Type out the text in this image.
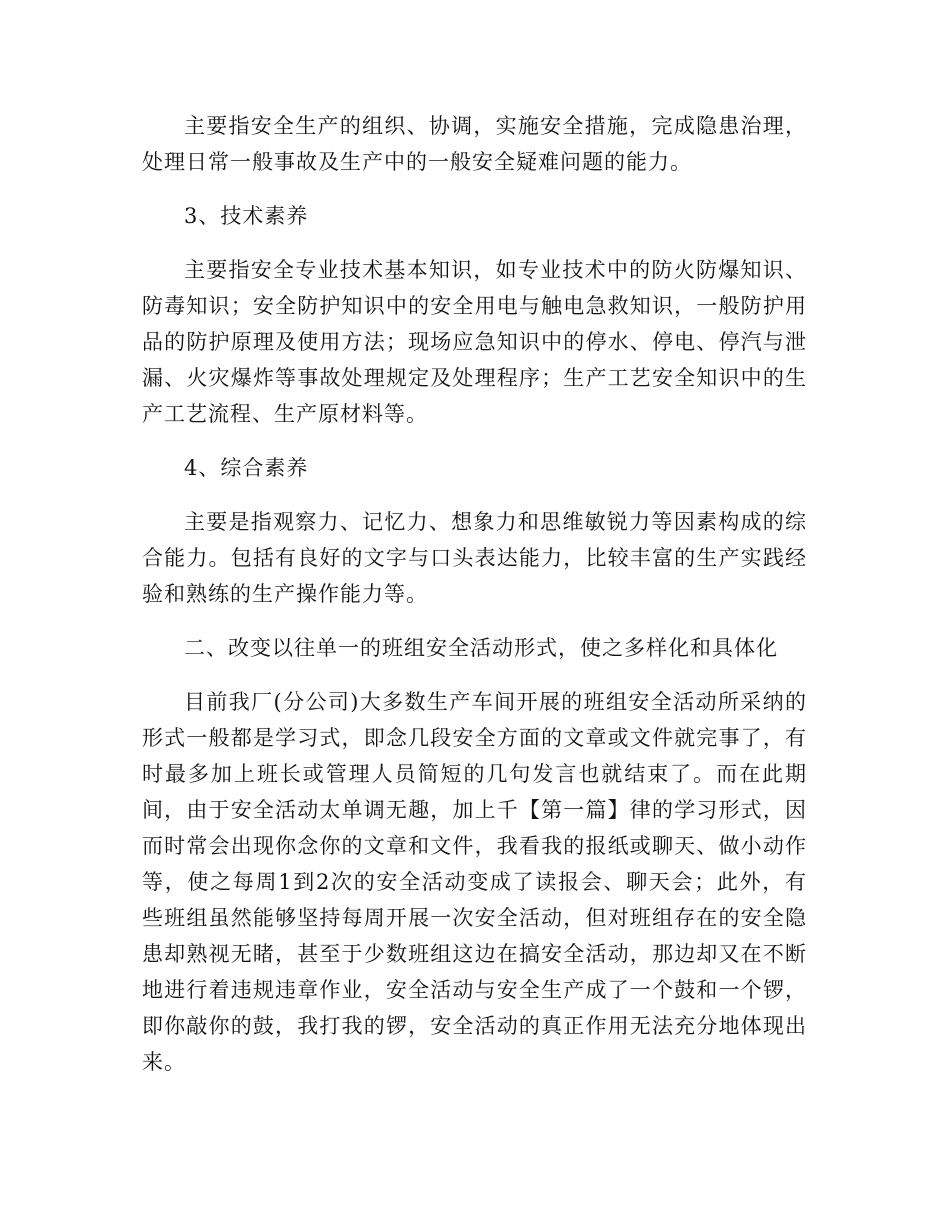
主要指安全生产的组织、协调，实施安全措施，完成隐患治理，处理日常一般事故及生产中的一般安全疑难问题的能力。

3、技术素养

主要指安全专业技术基本知识，如专业技术中的防火防爆知识、防毒知识；安全防护知识中的安全用电与触电急救知识，一般防护用品的防护原理及使用方法；现场应急知识中的停水、停电、停汽与泄漏、火灾爆炸等事故处理规定及处理程序；生产工艺安全知识中的生产工艺流程、生产原材料等。

4、综合素养

主要是指观察力、记忆力、想象力和思维敏锐力等因素构成的综合能力。包括有良好的文字与口头表达能力，比较丰富的生产实践经验和熟练的生产操作能力等。

二、改变以往单一的班组安全活动形式，使之多样化和具体化

目前我厂(分公司)大多数生产车间开展的班组安全活动所采纳的形式一般都是学习式，即念几段安全方面的文章或文件就完事了，有时最多加上班长或管理人员简短的几句发言也就结束了。而在此期间，由于安全活动太单调无趣，加上千【第一篇】律的学习形式，因而时常会出现你念你的文章和文件，我看我的报纸或聊天、做小动作等，使之每周1到2次的安全活动变成了读报会、聊天会；此外，有些班组虽然能够坚持每周开展一次安全活动，但对班组存在的安全隐患却熟视无睹，甚至于少数班组这边在搞安全活动，那边却又在不断地进行着违规违章作业，安全活动与安全生产成了一个鼓和一个锣，即你敲你的鼓，我打我的锣，安全活动的真正作用无法充分地体现出来。
